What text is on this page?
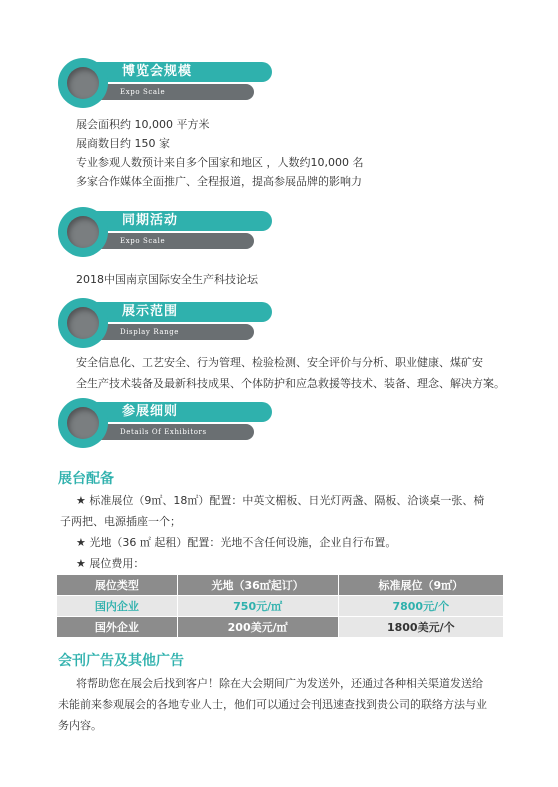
博览会规模
Expo Scale
展会面积约 10,000 平方米
展商数目约 150 家
专业参观人数预计来自多个国家和地区 ，人数约10,000 名
多家合作媒体全面推广、全程报道，提高参展品牌的影响力
同期活动
Expo Scale
2018中国南京国际安全生产科技论坛
展示范围
Display Range
安全信息化、工艺安全、行为管理、检验检测、安全评价与分析、职业健康、煤矿安
全生产技术装备及最新科技成果、个体防护和应急救援等技术、装备、理念、解决方案。
参展细则
Details Of Exhibitors
展台配备
★ 标准展位（9㎡、18㎡）配置：中英文楣板、日光灯两盏、隔板、洽谈桌一张、椅
子两把、电源插座一个；
★ 光地（36 ㎡ 起租）配置：光地不含任何设施，企业自行布置。
★ 展位费用：
展位类型	光地（36㎡起订）	标准展位（9㎡）
国内企业	750元/㎡	7800元/个
国外企业	200美元/㎡	1800美元/个
会刊广告及其他广告
将帮助您在展会后找到客户！除在大会期间广为发送外，还通过各种相关渠道发送给
未能前来参观展会的各地专业人士，他们可以通过会刊迅速查找到贵公司的联络方法与业
务内容。
